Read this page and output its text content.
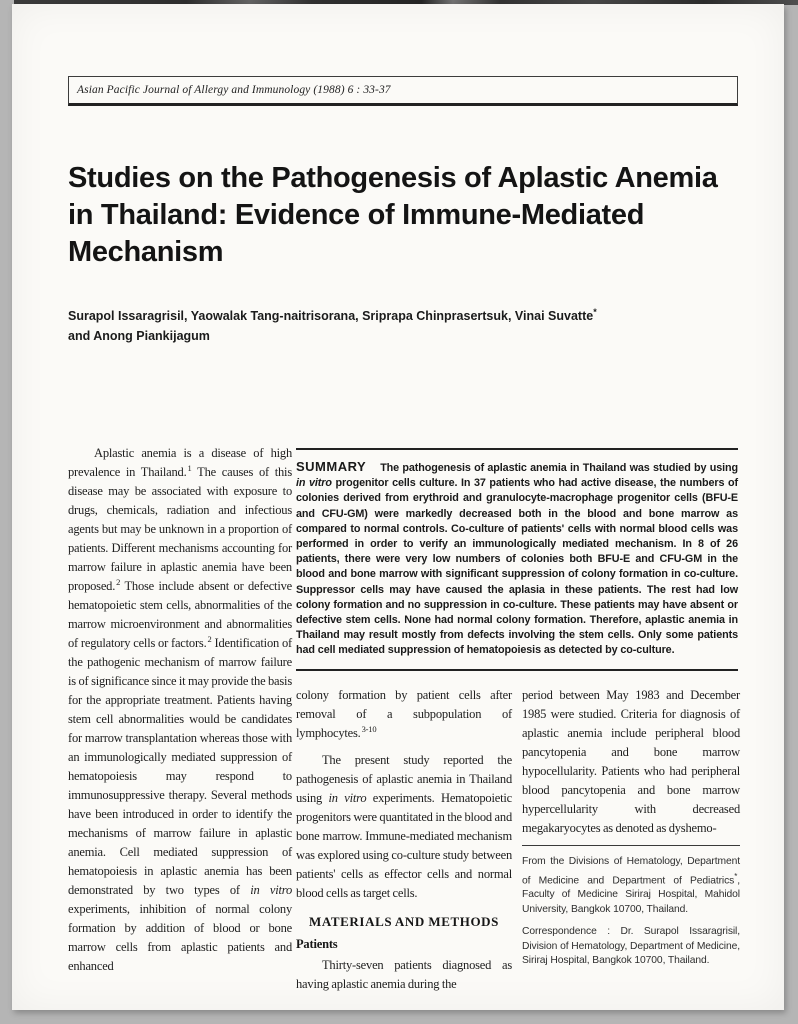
Asian Pacific Journal of Allergy and Immunology (1988) 6 : 33-37
Studies on the Pathogenesis of Aplastic Anemia in Thailand: Evidence of Immune-Mediated Mechanism
Surapol Issaragrisil, Yaowalak Tang-naitrisorana, Sriprapa Chinprasertsuk, Vinai Suvatte*
and Anong Piankijagum
SUMMARY The pathogenesis of aplastic anemia in Thailand was studied by using in vitro progenitor cells culture. In 37 patients who had active disease, the numbers of colonies derived from erythroid and granulocyte-macrophage progenitor cells (BFU-E and CFU-GM) were markedly decreased both in the blood and bone marrow as compared to normal controls. Co-culture of patients' cells with normal blood cells was performed in order to verify an immunologically mediated mechanism. In 8 of 26 patients, there were very low numbers of colonies both BFU-E and CFU-GM in the blood and bone marrow with significant suppression of colony formation in co-culture. Suppressor cells may have caused the aplasia in these patients. The rest had low colony formation and no suppression in co-culture. These patients may have absent or defective stem cells. None had normal colony formation. Therefore, aplastic anemia in Thailand may result mostly from defects involving the stem cells. Only some patients had cell mediated suppression of hematopoiesis as detected by co-culture.
Aplastic anemia is a disease of high prevalence in Thailand.$^1$ The causes of this disease may be associated with exposure to drugs, chemicals, radiation and infectious agents but may be unknown in a proportion of patients. Different mechanisms accounting for marrow failure in aplastic anemia have been proposed.$^2$ Those include absent or defective hematopoietic stem cells, abnormalities of the marrow microenvironment and abnormalities of regulatory cells or factors.$^2$ Identification of the pathogenic mechanism of marrow failure is of significance since it may provide the basis for the appropriate treatment. Patients having stem cell abnormalities would be candidates for marrow transplantation whereas those with an immunologically mediated suppression of hematopoiesis may respond to immunosuppressive therapy. Several methods have been introduced in order to identify the mechanisms of marrow failure in aplastic anemia. Cell mediated suppression of hematopoiesis in aplastic anemia has been demonstrated by two types of in vitro experiments, inhibition of normal colony formation by addition of blood or bone marrow cells from aplastic patients and enhanced
colony formation by patient cells after removal of a subpopulation of lymphocytes.$^{3-10}$
The present study reported the pathogenesis of aplastic anemia in Thailand using in vitro experiments. Hematopoietic progenitors were quantitated in the blood and bone marrow. Immune-mediated mechanism was explored using co-culture study between patients' cells as effector cells and normal blood cells as target cells.
MATERIALS AND METHODS
Patients
Thirty-seven patients diagnosed as having aplastic anemia during the
period between May 1983 and December 1985 were studied. Criteria for diagnosis of aplastic anemia include peripheral blood pancytopenia and bone marrow hypocellularity. Patients who had peripheral blood pancytopenia and bone marrow hypercellularity with decreased megakaryocytes as denoted as dyshemo-
From the Divisions of Hematology, Department of Medicine and Department of Pediatrics*, Faculty of Medicine Siriraj Hospital, Mahidol University, Bangkok 10700, Thailand.
Correspondence : Dr. Surapol Issaragrisil, Division of Hematology, Department of Medicine, Siriraj Hospital, Bangkok 10700, Thailand.
